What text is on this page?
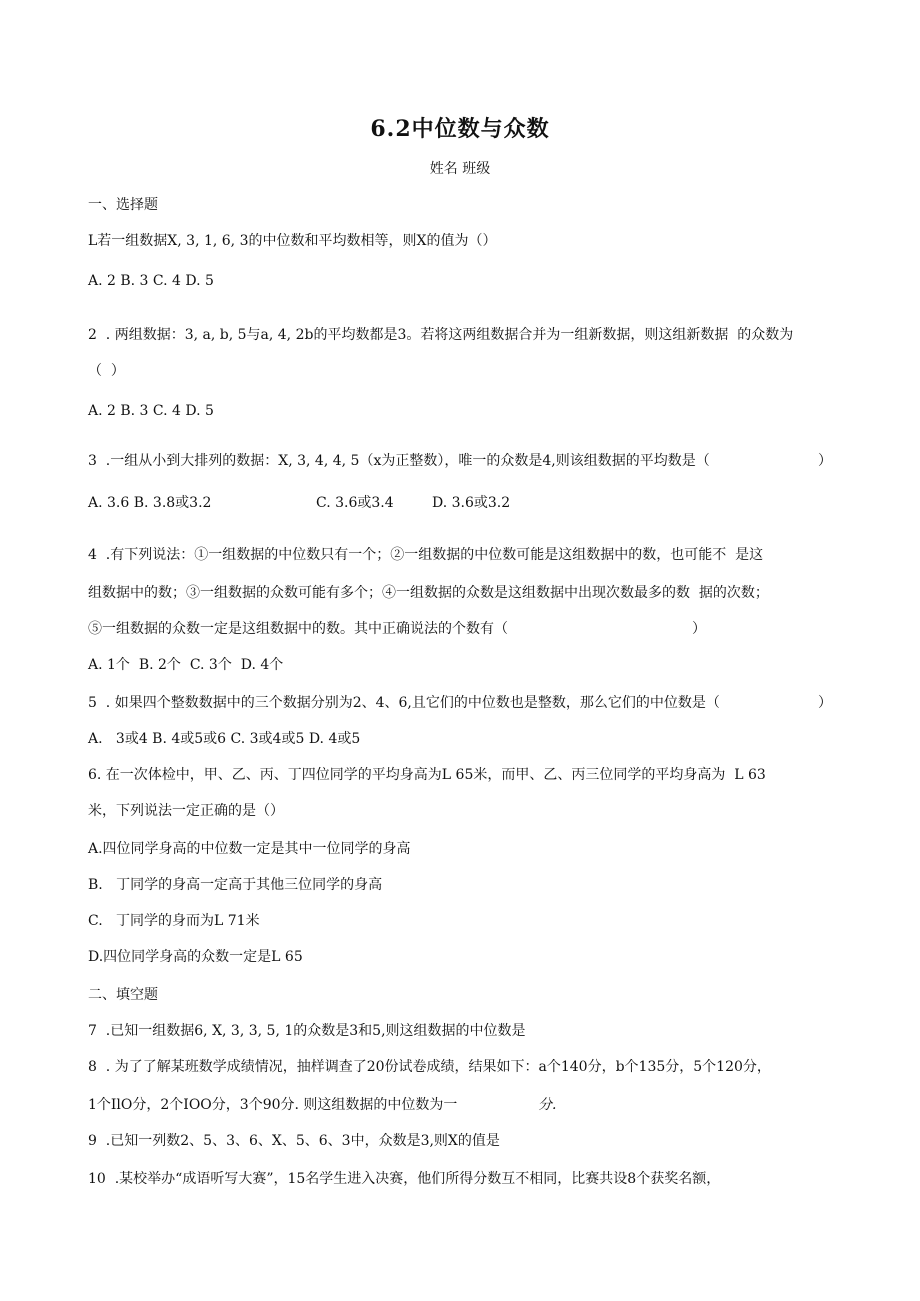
6.2中位数与众数
姓名 班级
一、选择题
L若一组数据X, 3, 1, 6, 3的中位数和平均数相等，则X的值为（）
A. 2 B. 3 C. 4 D. 5
2  . 两组数据：3, a, b, 5与a, 4, 2b的平均数都是3。若将这两组数据合并为一组新数据，则这组新数据  的众数为
（  ）
A. 2 B. 3 C. 4 D. 5
3  .一组从小到大排列的数据：X, 3, 4, 4, 5（x为正整数），唯一的众数是4,则该组数据的平均数是（	）
A. 3.6 B. 3.8或3.2	C. 3.6或3.4	D. 3.6或3.2
4  .有下列说法：①一组数据的中位数只有一个；②一组数据的中位数可能是这组数据中的数，也可能不  是这
组数据中的数；③一组数据的众数可能有多个；④一组数据的众数是这组数据中出现次数最多的数  据的次数；
⑤一组数据的众数一定是这组数据中的数。其中正确说法的个数有（	）
A. 1个  B. 2个  C. 3个  D. 4个
5  . 如果四个整数数据中的三个数据分别为2、4、6,且它们的中位数也是整数，那么它们的中位数是（	）
A.   3或4 B. 4或5或6 C. 3或4或5 D. 4或5
6. 在一次体检中，甲、乙、丙、丁四位同学的平均身高为L 65米，而甲、乙、丙三位同学的平均身高为  L 63
米，下列说法一定正确的是（）
A.四位同学身高的中位数一定是其中一位同学的身高
B.   丁同学的身高一定高于其他三位同学的身高
C.   丁同学的身而为L 71米
D.四位同学身高的众数一定是L 65
二、填空题
7  .已知一组数据6, X, 3, 3, 5, 1的众数是3和5,则这组数据的中位数是
8  . 为了了解某班数学成绩情况，抽样调查了20份试卷成绩，结果如下：a个140分，b个135分，5个120分，
1个IlO分，2个IOO分，3个90分. 则这组数据的中位数为一	分.
9  .已知一列数2、5、3、6、X、5、6、3中，众数是3,则X的值是
10  .某校举办“成语听写大赛”，15名学生进入决赛，他们所得分数互不相同，比赛共设8个获奖名额，
